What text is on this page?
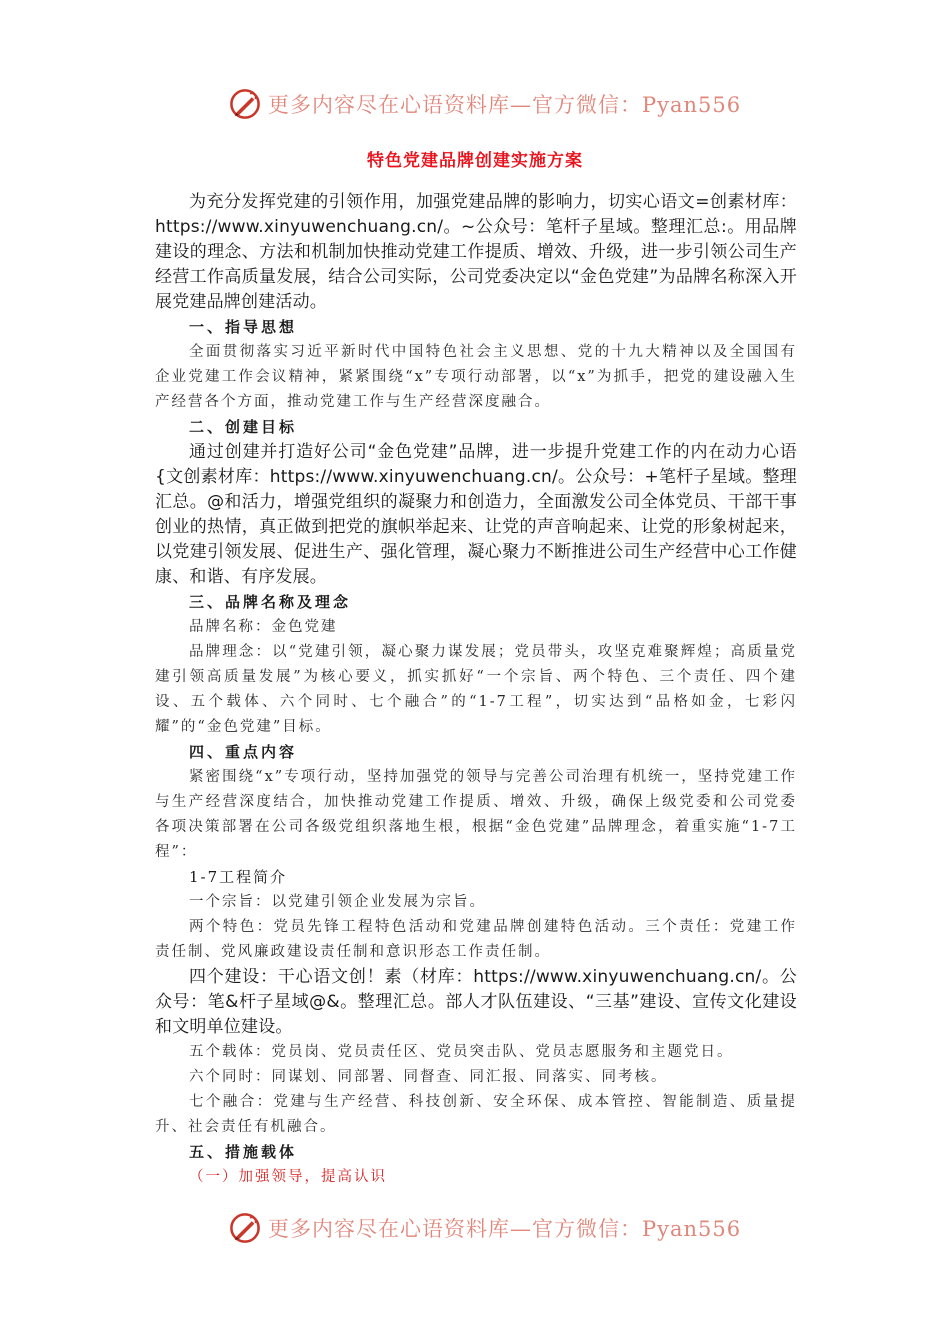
更多内容尽在心语资料库—官方微信：Pyan556
特色党建品牌创建实施方案

为充分发挥党建的引领作用，加强党建品牌的影响力，切实心语文=创素材库：https://www.xinyuwenchuang.cn/。~公众号：笔杆子星域。整理汇总:。用品牌建设的理念、方法和机制加快推动党建工作提质、增效、升级，进一步引领公司生产经营工作高质量发展，结合公司实际，公司党委决定以“金色党建”为品牌名称深入开展党建品牌创建活动。

一、指导思想

全面贯彻落实习近平新时代中国特色社会主义思想、党的十九大精神以及全国国有企业党建工作会议精神，紧紧围绕“x”专项行动部署，以“x”为抓手，把党的建设融入生产经营各个方面，推动党建工作与生产经营深度融合。

二、创建目标

通过创建并打造好公司“金色党建”品牌，进一步提升党建工作的内在动力心语{文创素材库：https://www.xinyuwenchuang.cn/。公众号：+笔杆子星域。整理汇总。@和活力，增强党组织的凝聚力和创造力，全面激发公司全体党员、干部干事创业的热情，真正做到把党的旗帜举起来、让党的声音响起来、让党的形象树起来，以党建引领发展、促进生产、强化管理，凝心聚力不断推进公司生产经营中心工作健康、和谐、有序发展。

三、品牌名称及理念

品牌名称：金色党建

品牌理念：以“党建引领，凝心聚力谋发展；党员带头，攻坚克难聚辉煌；高质量党建引领高质量发展”为核心要义，抓实抓好“一个宗旨、两个特色、三个责任、四个建设、五个载体、六个同时、七个融合”的“1-7工程”，切实达到“品格如金，七彩闪耀”的“金色党建”目标。

四、重点内容

紧密围绕“x”专项行动，坚持加强党的领导与完善公司治理有机统一，坚持党建工作与生产经营深度结合，加快推动党建工作提质、增效、升级，确保上级党委和公司党委各项决策部署在公司各级党组织落地生根，根据“金色党建”品牌理念，着重实施“1-7工程”：

1-7工程简介

一个宗旨：以党建引领企业发展为宗旨。

两个特色：党员先锋工程特色活动和党建品牌创建特色活动。三个责任：党建工作责任制、党风廉政建设责任制和意识形态工作责任制。

四个建设：干心语文创！素（材库：https://www.xinyuwenchuang.cn/。公众号：笔&杆子星域@&。整理汇总。部人才队伍建设、“三基”建设、宣传文化建设和文明单位建设。

五个载体：党员岗、党员责任区、党员突击队、党员志愿服务和主题党日。

六个同时：同谋划、同部署、同督查、同汇报、同落实、同考核。

七个融合：党建与生产经营、科技创新、安全环保、成本管控、智能制造、质量提升、社会责任有机融合。

五、措施载体

（一）加强领导，提高认识

更多内容尽在心语资料库—官方微信：Pyan556
